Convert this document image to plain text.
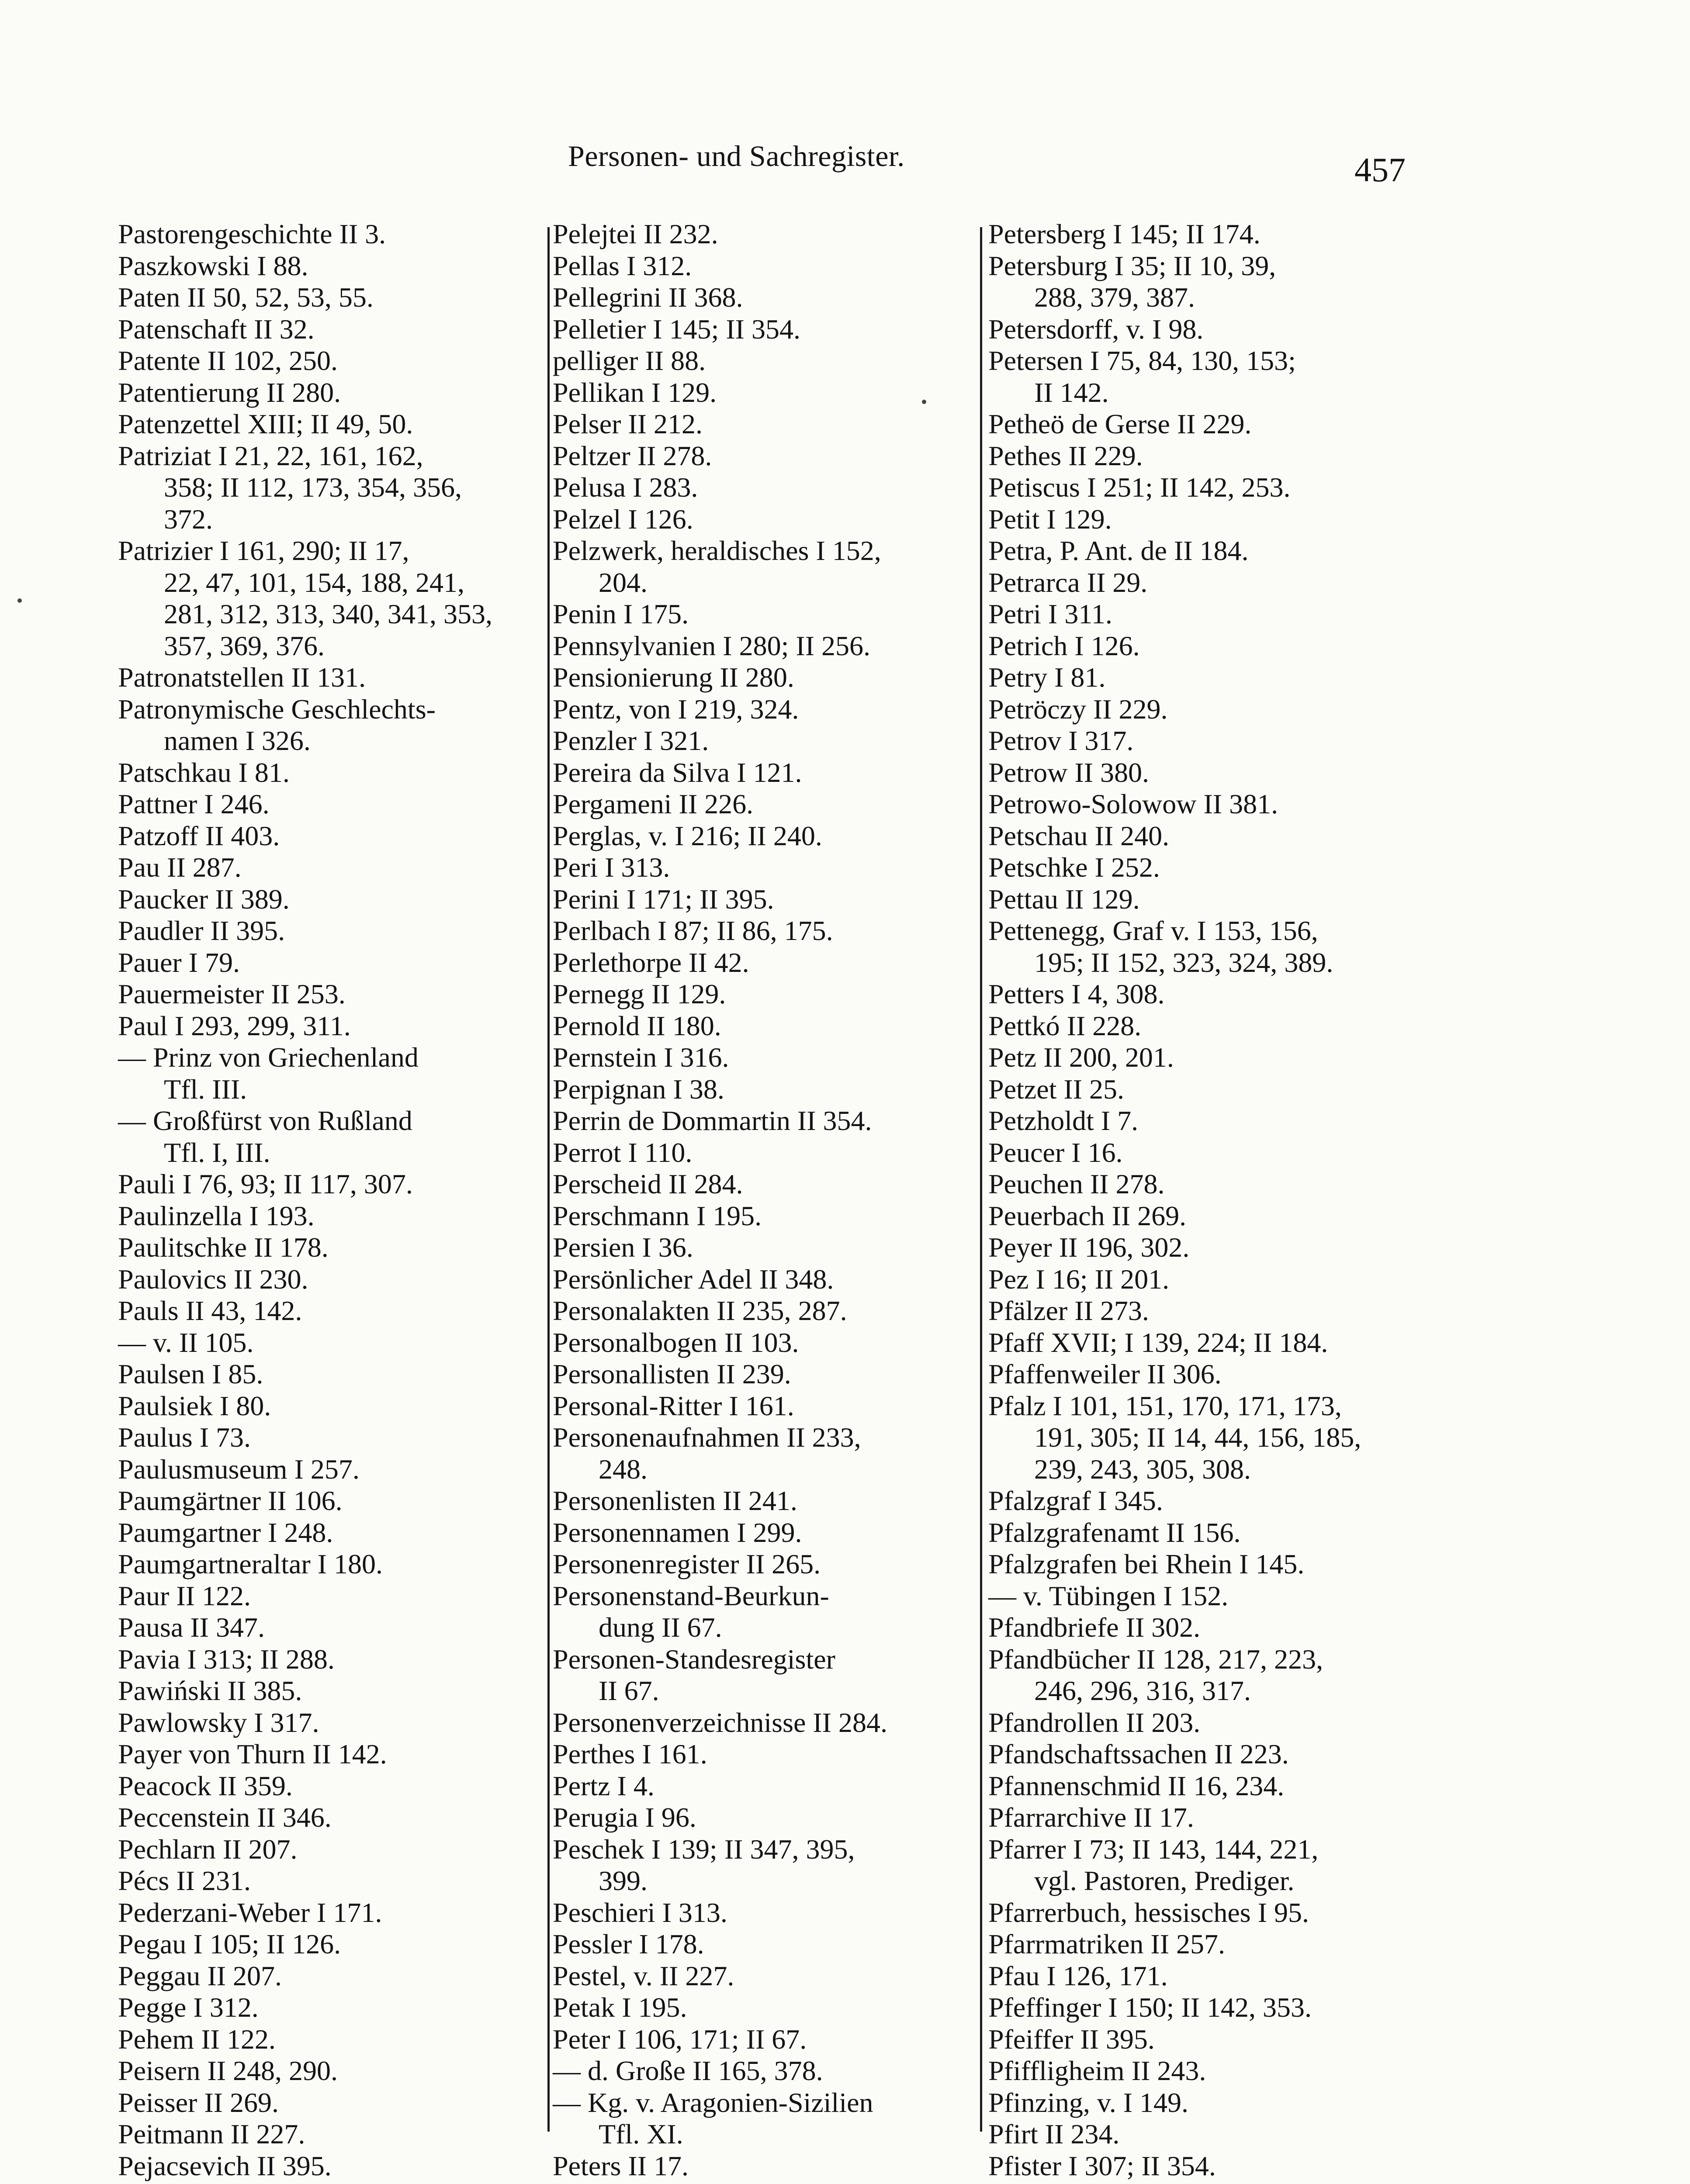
Personen- und Sachregister.	457
Pastorengeschichte II 3.
Paszkowski I 88.
Paten II 50, 52, 53, 55.
Patenschaft II 32.
Patente II 102, 250.
Patentierung II 280.
Patenzettel XIII; II 49, 50.
Patriziat I 21, 22, 161, 162,
358; II 112, 173, 354, 356,
372.
Patrizier I 161, 290; II 17,
22, 47, 101, 154, 188, 241,
281, 312, 313, 340, 341, 353,
357, 369, 376.
Patronatstellen II 131.
Patronymische Geschlechts-
namen I 326.
Patschkau I 81.
Pattner I 246.
Patzoff II 403.
Pau II 287.
Paucker II 389.
Paudler II 395.
Pauer I 79.
Pauermeister II 253.
Paul I 293, 299, 311.
— Prinz von Griechenland
Tfl. III.
— Großfürst von Rußland
Tfl. I, III.
Pauli I 76, 93; II 117, 307.
Paulinzella I 193.
Paulitschke II 178.
Paulovics II 230.
Pauls II 43, 142.
— v. II 105.
Paulsen I 85.
Paulsiek I 80.
Paulus I 73.
Paulusmuseum I 257.
Paumgärtner II 106.
Paumgartner I 248.
Paumgartneraltar I 180.
Paur II 122.
Pausa II 347.
Pavia I 313; II 288.
Pawiński II 385.
Pawlowsky I 317.
Payer von Thurn II 142.
Peacock II 359.
Peccenstein II 346.
Pechlarn II 207.
Pécs II 231.
Pederzani-Weber I 171.
Pegau I 105; II 126.
Peggau II 207.
Pegge I 312.
Pehem II 122.
Peisern II 248, 290.
Peisser II 269.
Peitmann II 227.
Pejacsevich II 395.
Pelejtei II 232.
Pellas I 312.
Pellegrini II 368.
Pelletier I 145; II 354.
pelliger II 88.
Pellikan I 129.
Pelser II 212.
Peltzer II 278.
Pelusa I 283.
Pelzel I 126.
Pelzwerk, heraldisches I 152,
204.
Penin I 175.
Pennsylvanien I 280; II 256.
Pensionierung II 280.
Pentz, von I 219, 324.
Penzler I 321.
Pereira da Silva I 121.
Pergameni II 226.
Perglas, v. I 216; II 240.
Peri I 313.
Perini I 171; II 395.
Perlbach I 87; II 86, 175.
Perlethorpe II 42.
Pernegg II 129.
Pernold II 180.
Pernstein I 316.
Perpignan I 38.
Perrin de Dommartin II 354.
Perrot I 110.
Perscheid II 284.
Perschmann I 195.
Persien I 36.
Persönlicher Adel II 348.
Personalakten II 235, 287.
Personalbogen II 103.
Personallisten II 239.
Personal-Ritter I 161.
Personenaufnahmen II 233,
248.
Personenlisten II 241.
Personennamen I 299.
Personenregister II 265.
Personenstand-Beurkun-
dung II 67.
Personen-Standesregister
II 67.
Personenverzeichnisse II 284.
Perthes I 161.
Pertz I 4.
Perugia I 96.
Peschek I 139; II 347, 395,
399.
Peschieri I 313.
Pessler I 178.
Pestel, v. II 227.
Petak I 195.
Peter I 106, 171; II 67.
— d. Große II 165, 378.
— Kg. v. Aragonien-Sizilien
Tfl. XI.
Peters II 17.
Petersberg I 145; II 174.
Petersburg I 35; II 10, 39,
288, 379, 387.
Petersdorff, v. I 98.
Petersen I 75, 84, 130, 153;
II 142.
Petheö de Gerse II 229.
Pethes II 229.
Petiscus I 251; II 142, 253.
Petit I 129.
Petra, P. Ant. de II 184.
Petrarca II 29.
Petri I 311.
Petrich I 126.
Petry I 81.
Petröczy II 229.
Petrov I 317.
Petrow II 380.
Petrowo-Solowow II 381.
Petschau II 240.
Petschke I 252.
Pettau II 129.
Pettenegg, Graf v. I 153, 156,
195; II 152, 323, 324, 389.
Petters I 4, 308.
Pettkó II 228.
Petz II 200, 201.
Petzet II 25.
Petzholdt I 7.
Peucer I 16.
Peuchen II 278.
Peuerbach II 269.
Peyer II 196, 302.
Pez I 16; II 201.
Pfälzer II 273.
Pfaff XVII; I 139, 224; II 184.
Pfaffenweiler II 306.
Pfalz I 101, 151, 170, 171, 173,
191, 305; II 14, 44, 156, 185,
239, 243, 305, 308.
Pfalzgraf I 345.
Pfalzgrafenamt II 156.
Pfalzgrafen bei Rhein I 145.
— v. Tübingen I 152.
Pfandbriefe II 302.
Pfandbücher II 128, 217, 223,
246, 296, 316, 317.
Pfandrollen II 203.
Pfandschaftssachen II 223.
Pfannenschmid II 16, 234.
Pfarrarchive II 17.
Pfarrer I 73; II 143, 144, 221,
vgl. Pastoren, Prediger.
Pfarrerbuch, hessisches I 95.
Pfarrmatriken II 257.
Pfau I 126, 171.
Pfeffinger I 150; II 142, 353.
Pfeiffer II 395.
Pfiffligheim II 243.
Pfinzing, v. I 149.
Pfirt II 234.
Pfister I 307; II 354.
